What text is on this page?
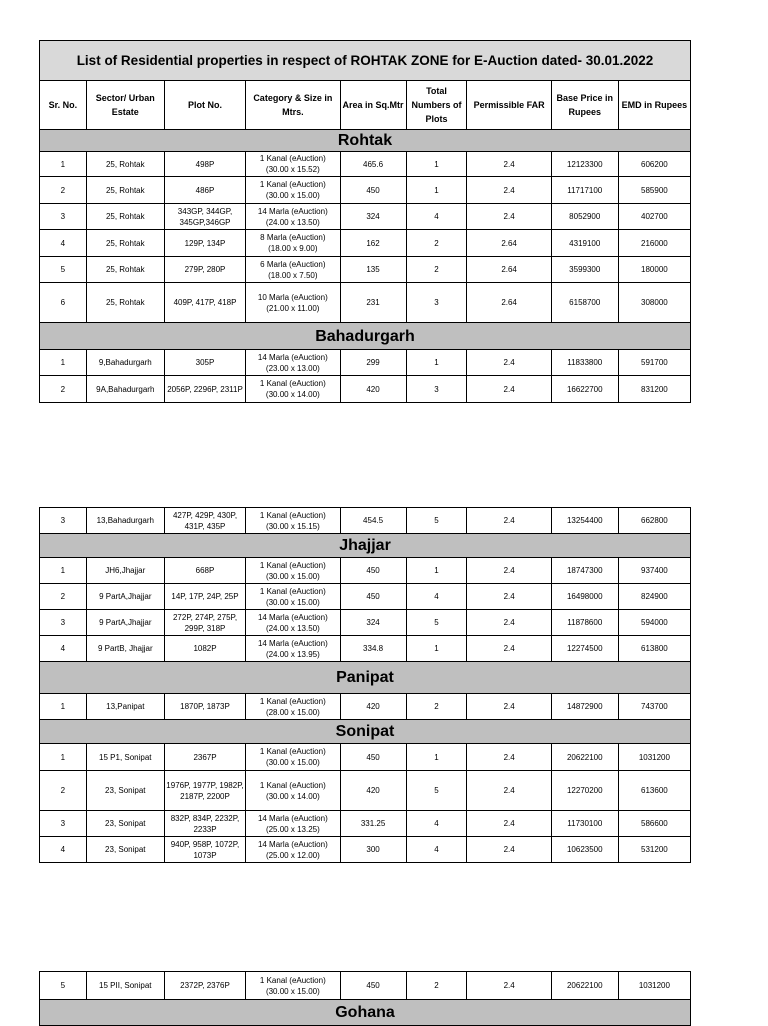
List of Residential properties in respect of ROHTAK ZONE for E-Auction dated- 30.01.2022								
Sr. No.	Sector/ Urban Estate	Plot No.	Category & Size in Mtrs.	Area in Sq.Mtr	Total
Numbers of
Plots	Permissible FAR	Base Price in Rupees	EMD in Rupees
Rohtak								
1	25, Rohtak	498P	1 Kanal (eAuction)
(30.00 x 15.52)	465.6	1	2.4	12123300	606200
2	25, Rohtak	486P	1 Kanal (eAuction)
(30.00 x 15.00)	450	1	2.4	11717100	585900
3	25, Rohtak	343GP, 344GP, 345GP,346GP	14 Marla (eAuction)
(24.00 x 13.50)	324	4	2.4	8052900	402700
4	25, Rohtak	129P, 134P	8 Marla (eAuction)
(18.00 x 9.00)	162	2	2.64	4319100	216000
5	25, Rohtak	279P, 280P	6 Marla (eAuction)
(18.00 x 7.50)	135	2	2.64	3599300	180000
6	25, Rohtak	409P, 417P, 418P	10 Marla (eAuction)
(21.00 x 11.00)	231	3	2.64	6158700	308000
Bahadurgarh								
1	9,Bahadurgarh	305P	14 Marla (eAuction)
(23.00 x 13.00)	299	1	2.4	11833800	591700
2	9A,Bahadurgarh	2056P, 2296P, 2311P	1 Kanal (eAuction)
(30.00 x 14.00)	420	3	2.4	16622700	831200
3	13,Bahadurgarh	427P, 429P, 430P, 431P, 435P	1 Kanal (eAuction)
(30.00 x 15.15)	454.5	5	2.4	13254400	662800
Jhajjar								
1	JH6,Jhajjar	668P	1 Kanal (eAuction)
(30.00 x 15.00)	450	1	2.4	18747300	937400
2	9 PartA,Jhajjar	14P, 17P, 24P, 25P	1 Kanal (eAuction)
(30.00 x 15.00)	450	4	2.4	16498000	824900
3	9 PartA,Jhajjar	272P, 274P, 275P, 299P, 318P	14 Marla (eAuction)
(24.00 x 13.50)	324	5	2.4	11878600	594000
4	9 PartB, Jhajjar	1082P	14 Marla (eAuction)
(24.00 x 13.95)	334.8	1	2.4	12274500	613800
Panipat								
1	13,Panipat	1870P, 1873P	1 Kanal (eAuction)
(28.00 x 15.00)	420	2	2.4	14872900	743700
Sonipat								
1	15 P1, Sonipat	2367P	1 Kanal (eAuction)
(30.00 x 15.00)	450	1	2.4	20622100	1031200
2	23, Sonipat	1976P, 1977P, 1982P, 2187P, 2200P	1 Kanal (eAuction)
(30.00 x 14.00)	420	5	2.4	12270200	613600
3	23, Sonipat	832P, 834P, 2232P, 2233P	14 Marla (eAuction)
(25.00 x 13.25)	331.25	4	2.4	11730100	586600
4	23, Sonipat	940P, 958P, 1072P, 1073P	14 Marla (eAuction)
(25.00 x 12.00)	300	4	2.4	10623500	531200
5	15 PII, Sonipat	2372P, 2376P	
1 Kanal (eAuction)
(30.00 x 15.00)
	450	2	2.4	20622100	1031200
Gohana
